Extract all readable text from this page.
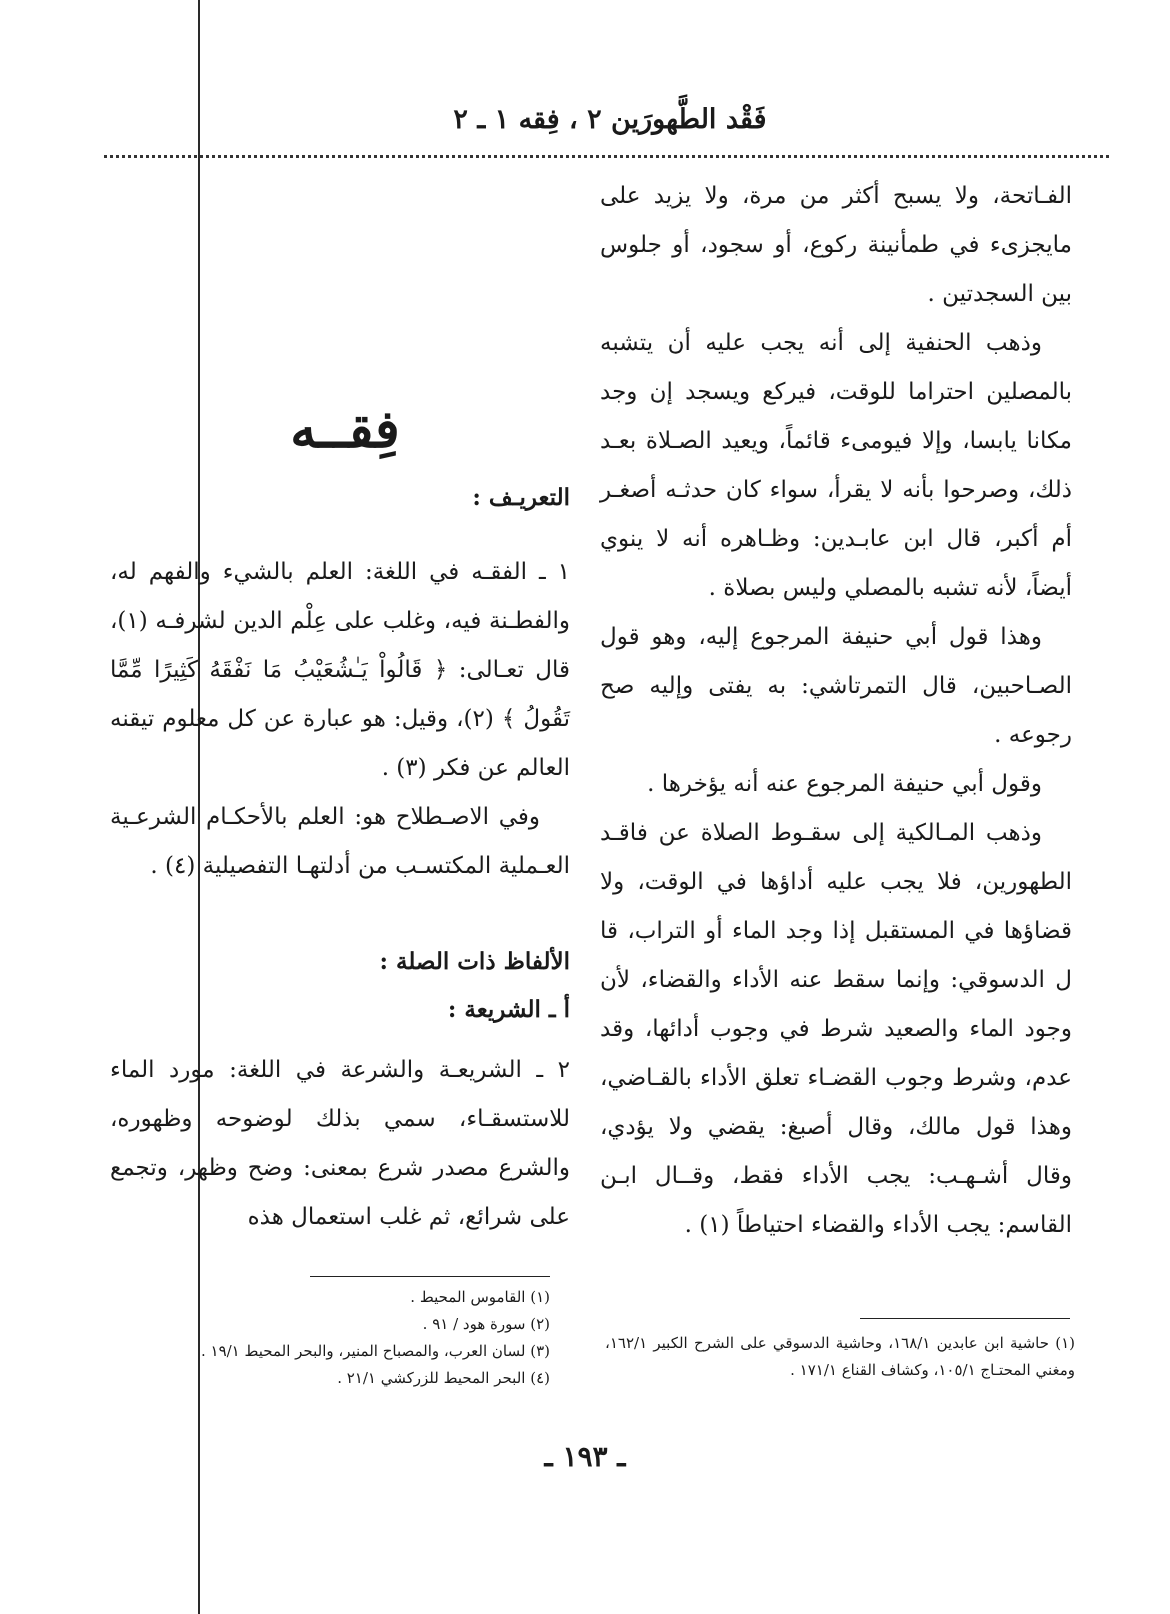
فَقْد الطَّهورَين ٢ ، فِقه ١ ـ ٢

الفـاتحة، ولا يسبح أكثر من مرة، ولا يزيد على مايجزىء في طمأنينة ركوع، أو سجود، أو جلوس بين السجدتين .

وذهب الحنفية إلى أنه يجب عليه أن يتشبه بالمصلين احتراما للوقت، فيركع ويسجد إن وجد مكانا يابسا، وإلا فيومىء قائماً، ويعيد الصـلاة بعـد ذلك، وصرحوا بأنه لا يقرأ، سواء كان حدثـه أصغـر أم أكبر، قال ابن عابـدين: وظـاهره أنه لا ينوي أيضاً، لأنه تشبه بالمصلي وليس بصلاة .

وهذا قول أبي حنيفة المرجوع إليه، وهو قول الصـاحبين، قال التمرتاشي: به يفتى وإليه صح رجوعه .

وقول أبي حنيفة المرجوع عنه أنه يؤخرها .

وذهب المـالكية إلى سقـوط الصلاة عن فاقـد الطهورين، فلا يجب عليه أداؤها في الوقت، ولا قضاؤها في المستقبل إذا وجد الماء أو التراب، قا ل الدسوقي: وإنما سقط عنه الأداء والقضاء، لأن وجود الماء والصعيد شرط في وجوب أدائها، وقد عدم، وشرط وجوب القضـاء تعلق الأداء بالقـاضي، وهذا قول مالك، وقال أصبغ: يقضي ولا يؤدي، وقال أشـهـب: يجب الأداء فقط، وقــال ابـن القاسم: يجب الأداء والقضاء احتياطاً (١) .

فِقــه
التعريـف :

١ ـ الفقـه في اللغة: العلم بالشيء والفهم له، والفطـنة فيه، وغلب على عِلْم الدين لشرفـه (١)، قال تعـالى: ﴿ قَالُواْ يَـٰشُعَيْبُ مَا نَفْقَهُ كَثِيرًا مِّمَّا تَقُولُ ﴾ (٢)، وقيل: هو عبارة عن كل معلوم تيقنه العالم عن فكر (٣) .

وفي الاصـطلاح هو: العلم بالأحكـام الشرعـية العـملية المكتسـب من أدلتهـا التفصيلية (٤) .

الألفاظ ذات الصلة :
أ ـ الشريعة :

٢ ـ الشريعـة والشرعة في اللغة: مورد الماء للاستسقـاء، سمي بذلك لوضوحه وظهوره، والشرع مصدر شرع بمعنى: وضح وظهر، وتجمع على شرائع، ثم غلب استعمال هذه

(١) القاموس المحيط .

(٢) سورة هود / ٩١ .

(٣) لسان العرب، والمصباح المنير، والبحر المحيط ١٩/١ .

(٤) البحر المحيط للزركشي ٢١/١ .

(١) حاشية ابن عابدين ١٦٨/١، وحاشية الدسوقي على الشرح الكبير ١٦٢/١، ومغني المحتـاج ١٠٥/١، وكشاف القناع ١٧١/١ .

ـ ١٩٣ ـ
